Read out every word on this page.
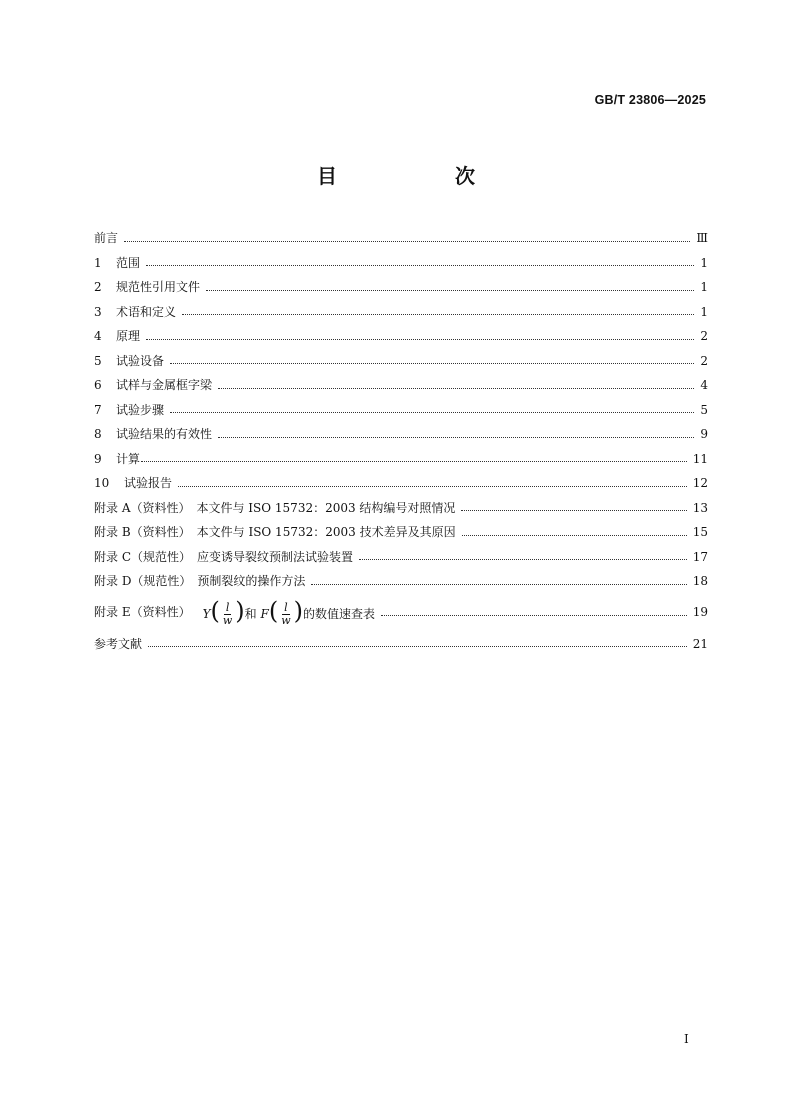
GB/T 23806—2025
目　　次
前言	Ⅲ
1	范围	1
2	规范性引用文件	1
3	术语和定义	1
4	原理	2
5	试验设备	2
6	试样与金属框字梁	4
7	试验步骤	5
8	试验结果的有效性	9
9	计算	11
10	试验报告	12
附录 A（资料性）　本文件与 ISO 15732：2003 结构编号对照情况	13
附录 B（资料性）　本文件与 ISO 15732：2003 技术差异及其原因	15
附录 C（规范性）　应变诱导裂纹预制法试验装置	17
附录 D（规范性）　预制裂纹的操作方法	18
附录 E（资料性） $Y( \frac{l}{w}$ )和 $F( \frac{l}{w}$ )的数值速查表	19
参考文献	21
I
